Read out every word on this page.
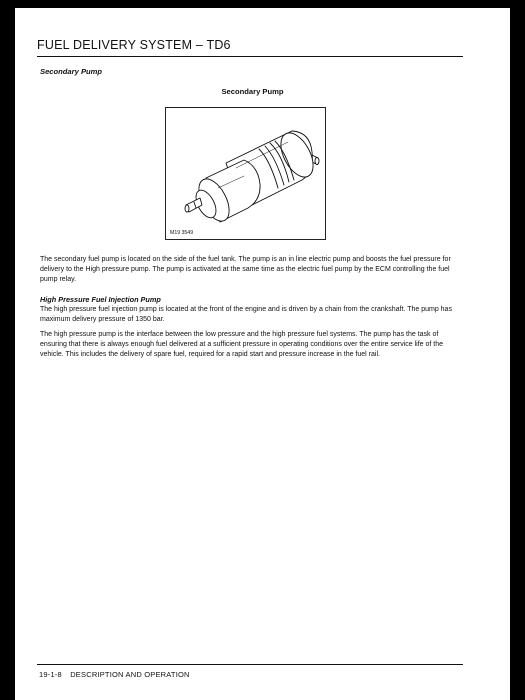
FUEL DELIVERY SYSTEM – TD6
Secondary Pump
Secondary Pump
M19 3549
The secondary fuel pump is located on the side of the fuel tank. The pump is an in line electric pump and boosts the fuel pressure for delivery to the High pressure pump. The pump is activated at the same time as the electric fuel pump by the ECM controlling the fuel pump relay.
High Pressure Fuel Injection Pump
The high pressure fuel injection pump is located at the front of the engine and is driven by a chain from the crankshaft. The pump has maximum delivery pressure of 1350 bar.
The high pressure pump is the interface between the low pressure and the high pressure fuel systems. The pump has the task of ensuring that there is always enough fuel delivered at a sufficient pressure in operating conditions over the entire service life of the vehicle. This includes the delivery of spare fuel, required for a rapid start and pressure increase in the fuel rail.
19-1-8 DESCRIPTION AND OPERATION
